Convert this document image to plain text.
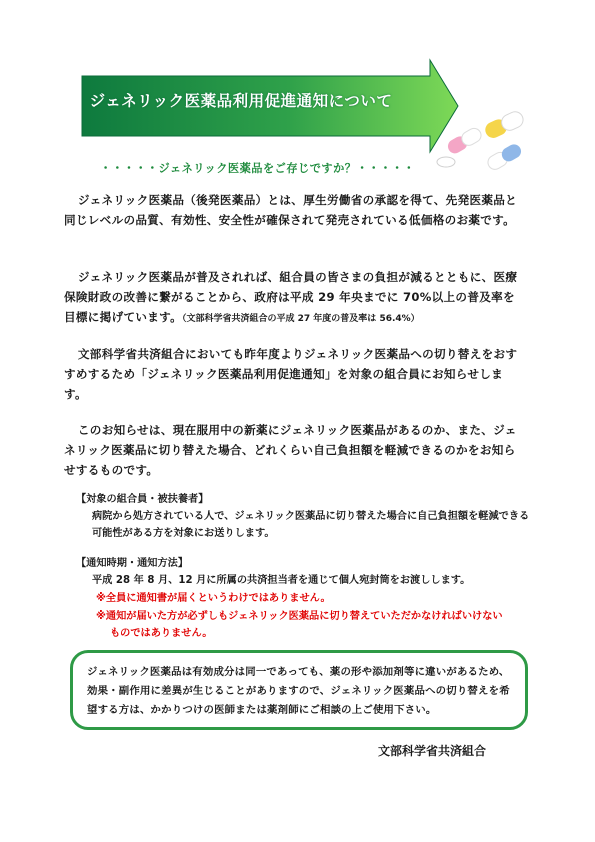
ジェネリック医薬品利用促進通知について
・・・・・ジェネリック医薬品をご存じですか？・・・・・

ジェネリック医薬品（後発医薬品）とは、厚生労働省の承認を得て、先発医薬品と同じレベルの品質、有効性、安全性が確保されて発売されている低価格のお薬です。

ジェネリック医薬品が普及されれば、組合員の皆さまの負担が減るとともに、医療保険財政の改善に繋がることから、政府は平成 29 年央までに 70%以上の普及率を目標に掲げています。（文部科学省共済組合の平成 27 年度の普及率は 56.4%）

文部科学省共済組合においても昨年度よりジェネリック医薬品への切り替えをおすすめするため「ジェネリック医薬品利用促進通知」を対象の組合員にお知らせします。

このお知らせは、現在服用中の新薬にジェネリック医薬品があるのか、また、ジェネリック医薬品に切り替えた場合、どれくらい自己負担額を軽減できるのかをお知らせするものです。

【対象の組合員・被扶養者】

病院から処方されている人で、ジェネリック医薬品に切り替えた場合に自己負担額を軽減できる可能性がある方を対象にお送りします。

【通知時期・通知方法】

平成 28 年 8 月、12 月に所属の共済担当者を通じて個人宛封筒をお渡しします。

※全員に通知書が届くというわけではありません。

※通知が届いた方が必ずしもジェネリック医薬品に切り替えていただかなければいけない

ものではありません。

ジェネリック医薬品は有効成分は同一であっても、薬の形や添加剤等に違いがあるため、効果・副作用に差異が生じることがありますので、ジェネリック医薬品への切り替えを希望する方は、かかりつけの医師または薬剤師にご相談の上ご使用下さい。

文部科学省共済組合
